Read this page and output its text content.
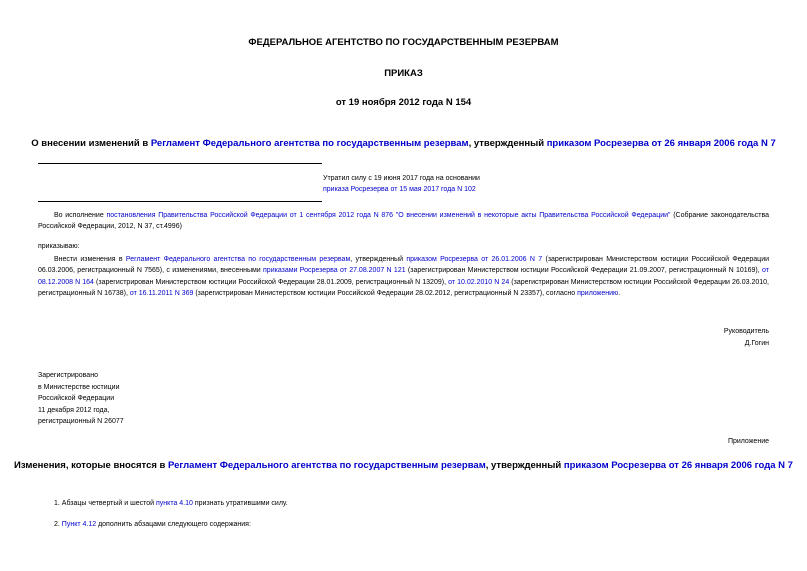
ФЕДЕРАЛЬНОЕ АГЕНТСТВО ПО ГОСУДАРСТВЕННЫМ РЕЗЕРВАМ
ПРИКАЗ
от 19 ноября 2012 года N 154
О внесении изменений в Регламент Федерального агентства по государственным резервам, утвержденный приказом Росрезерва от 26 января 2006 года N 7
Утратил силу с 19 июня 2017 года на основании
приказа Росрезерва от 15 мая 2017 года N 102

Во исполнение постановления Правительства Российской Федерации от 1 сентября 2012 года N 876 "О внесении изменений в некоторые акты Правительства Российской Федерации" (Собрание законодательства Российской Федерации, 2012, N 37, ст.4996)

приказываю:

Внести изменения в Регламент Федерального агентства по государственным резервам, утвержденный приказом Росрезерва от 26.01.2006 N 7 (зарегистрирован Министерством юстиции Российской Федерации 06.03.2006, регистрационный N 7565), с изменениями, внесенными приказами Росрезерва от 27.08.2007 N 121 (зарегистрирован Министерством юстиции Российской Федерации 21.09.2007, регистрационный N 10169), от 08.12.2008 N 164 (зарегистрирован Министерством юстиции Российской Федерации 28.01.2009, регистрационный N 13209), от 10.02.2010 N 24 (зарегистрирован Министерством юстиции Российской Федерации 26.03.2010, регистрационный N 16738), от 16.11.2011 N 369 (зарегистрирован Министерством юстиции Российской Федерации 28.02.2012, регистрационный N 23357), согласно приложению.

Руководитель
Д.Гогин
Зарегистрировано
в Министерстве юстиции
Российской Федерации
11 декабря 2012 года,
регистрационный N 26077
Приложение
Изменения, которые вносятся в Регламент Федерального агентства по государственным резервам, утвержденный приказом Росрезерва от 26 января 2006 года N 7
1. Абзацы четвертый и шестой пункта 4.10 признать утратившими силу.
2. Пункт 4.12 дополнить абзацами следующего содержания:
